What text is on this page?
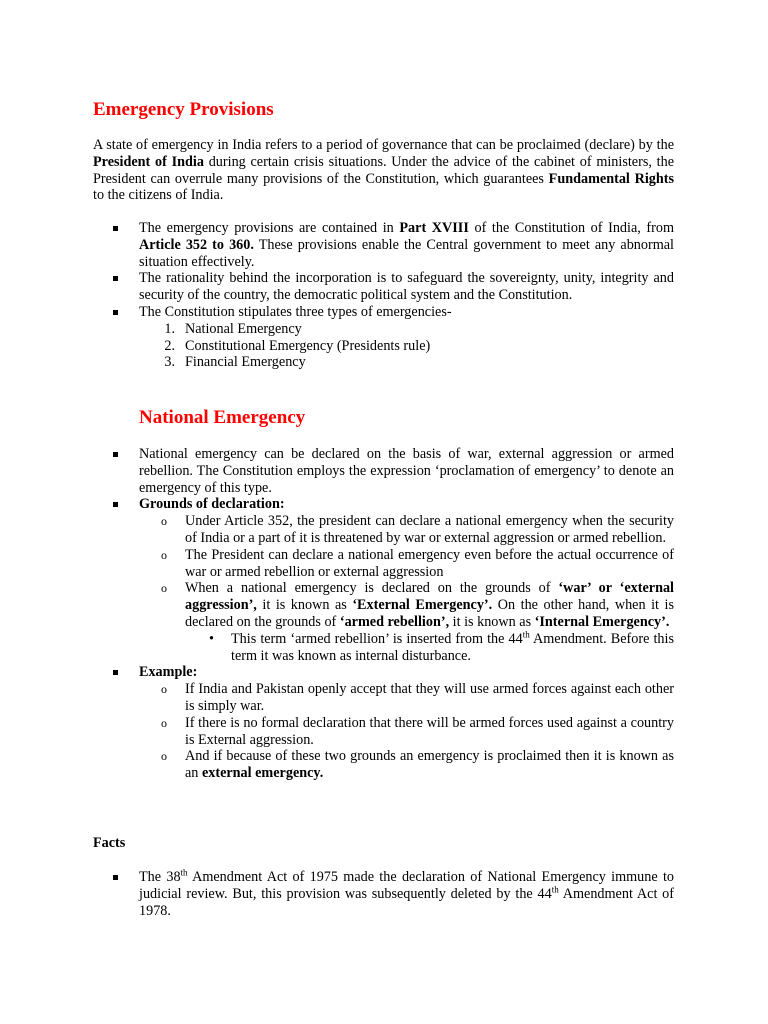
Emergency Provisions

A state of emergency in India refers to a period of governance that can be proclaimed (declare) by the President of India during certain crisis situations. Under the advice of the cabinet of ministers, the President can overrule many provisions of the Constitution, which guarantees Fundamental Rights to the citizens of India.

The emergency provisions are contained in Part XVIII of the Constitution of India, from Article 352 to 360. These provisions enable the Central government to meet any abnormal situation effectively.
The rationality behind the incorporation is to safeguard the sovereignty, unity, integrity and security of the country, the democratic political system and the Constitution.
The Constitution stipulates three types of emergencies-
1. National Emergency
2. Constitutional Emergency (Presidents rule)
3. Financial Emergency
National Emergency
National emergency can be declared on the basis of war, external aggression or armed rebellion. The Constitution employs the expression ‘proclamation of emergency’ to denote an emergency of this type.
Grounds of declaration:
o Under Article 352, the president can declare a national emergency when the security of India or a part of it is threatened by war or external aggression or armed rebellion.
o The President can declare a national emergency even before the actual occurrence of war or armed rebellion or external aggression
o When a national emergency is declared on the grounds of ‘war’ or ‘external aggression’, it is known as ‘External Emergency’. On the other hand, when it is declared on the grounds of ‘armed rebellion’, it is known as ‘Internal Emergency’.
• This term ‘armed rebellion’ is inserted from the 44th Amendment. Before this term it was known as internal disturbance.
Example:
o If India and Pakistan openly accept that they will use armed forces against each other is simply war.
o If there is no formal declaration that there will be armed forces used against a country is External aggression.
o And if because of these two grounds an emergency is proclaimed then it is known as an external emergency.
Facts
The 38th Amendment Act of 1975 made the declaration of National Emergency immune to judicial review. But, this provision was subsequently deleted by the 44th Amendment Act of 1978.
